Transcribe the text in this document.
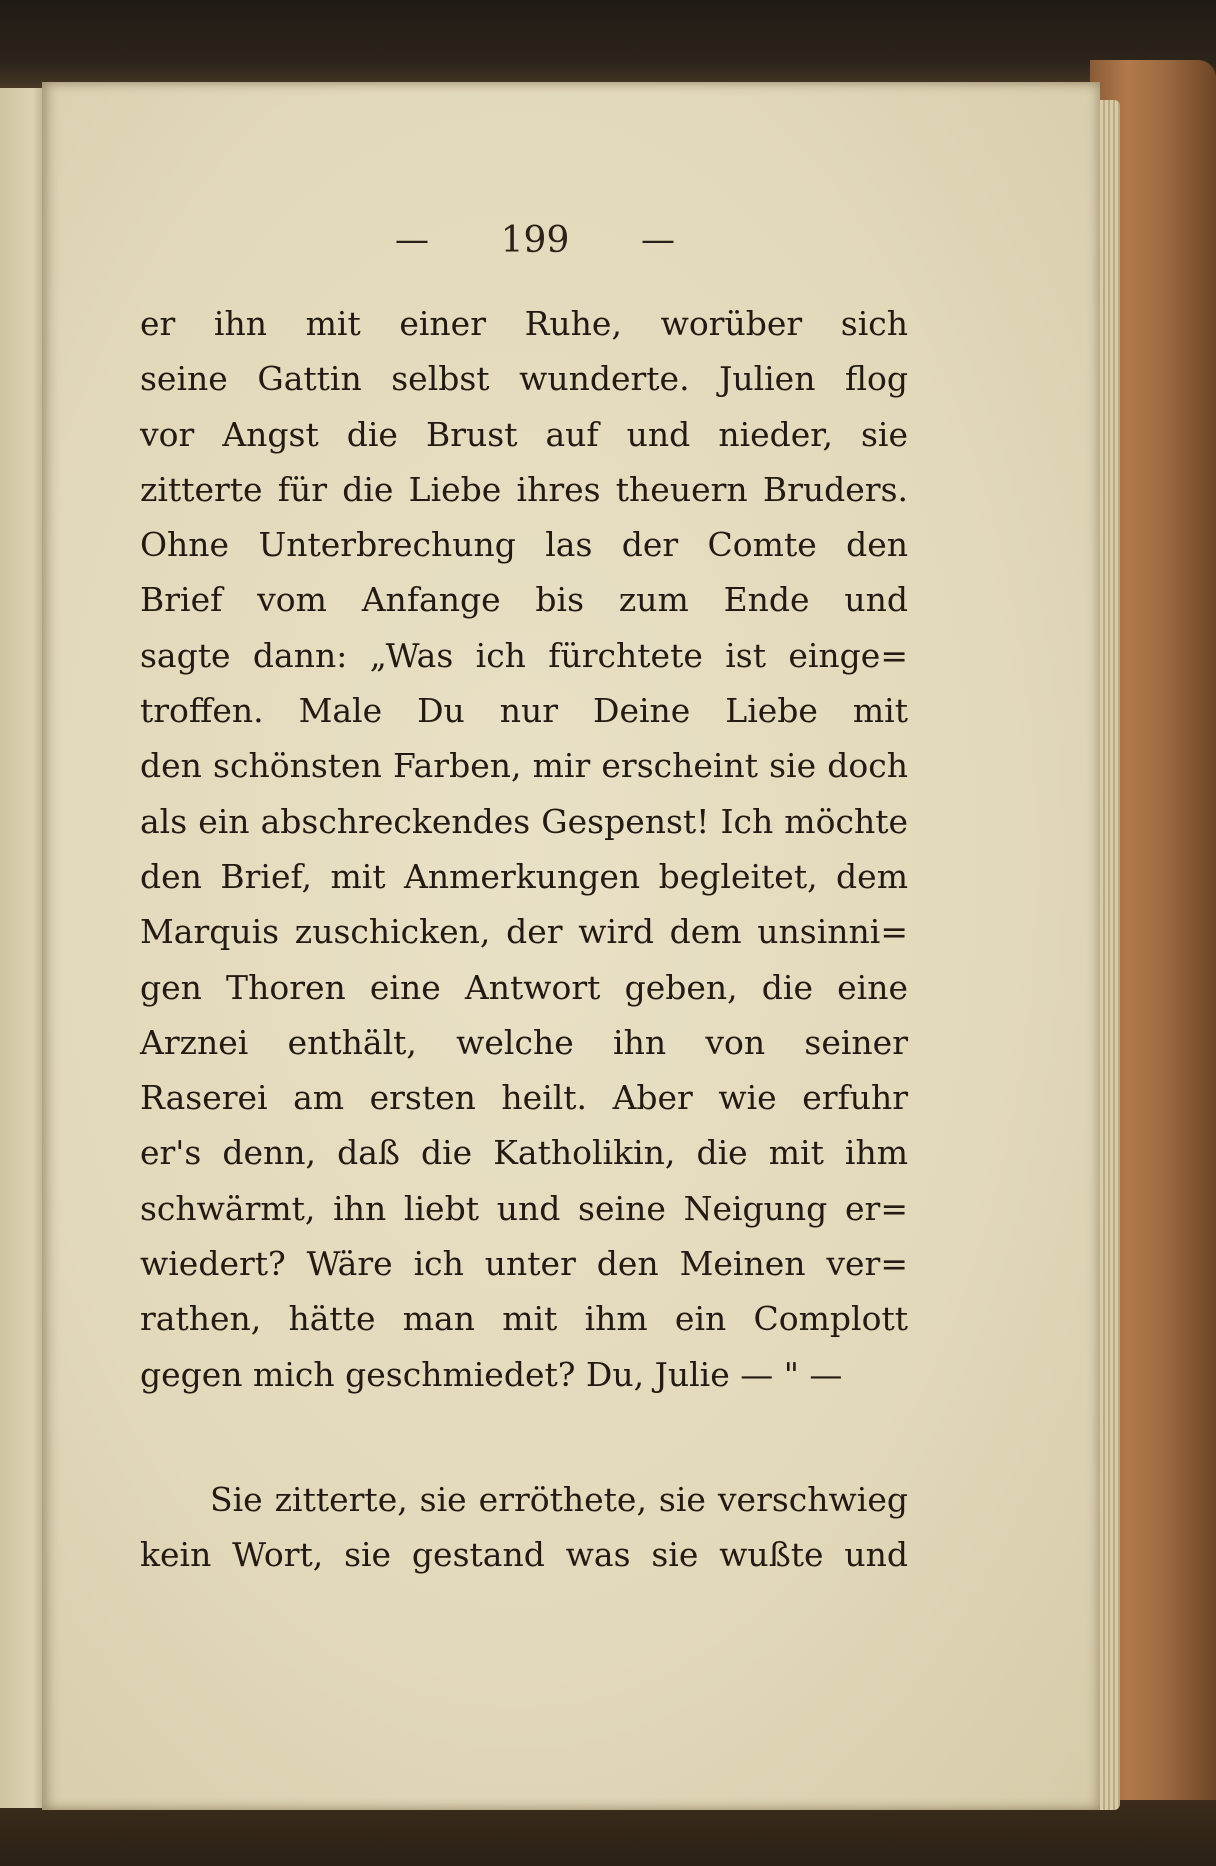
— 199 —
er ihn mit einer Ruhe, worüber sich
seine Gattin selbst wunderte. Julien flog
vor Angst die Brust auf und nieder, sie
zitterte für die Liebe ihres theuern Bruders.
Ohne Unterbrechung las der Comte den
Brief vom Anfange bis zum Ende und
sagte dann: „Was ich fürchtete ist einge=
troffen. Male Du nur Deine Liebe mit
den schönsten Farben, mir erscheint sie doch
als ein abschreckendes Gespenst! Ich möchte
den Brief, mit Anmerkungen begleitet, dem
Marquis zuschicken, der wird dem unsinni=
gen Thoren eine Antwort geben, die eine
Arznei enthält, welche ihn von seiner
Raserei am ersten heilt. Aber wie erfuhr
er's denn, daß die Katholikin, die mit ihm
schwärmt, ihn liebt und seine Neigung er=
wiedert? Wäre ich unter den Meinen ver=
rathen, hätte man mit ihm ein Complott
gegen mich geschmiedet? Du, Julie — " —
Sie zitterte, sie erröthete, sie verschwieg
kein Wort, sie gestand was sie wußte und
